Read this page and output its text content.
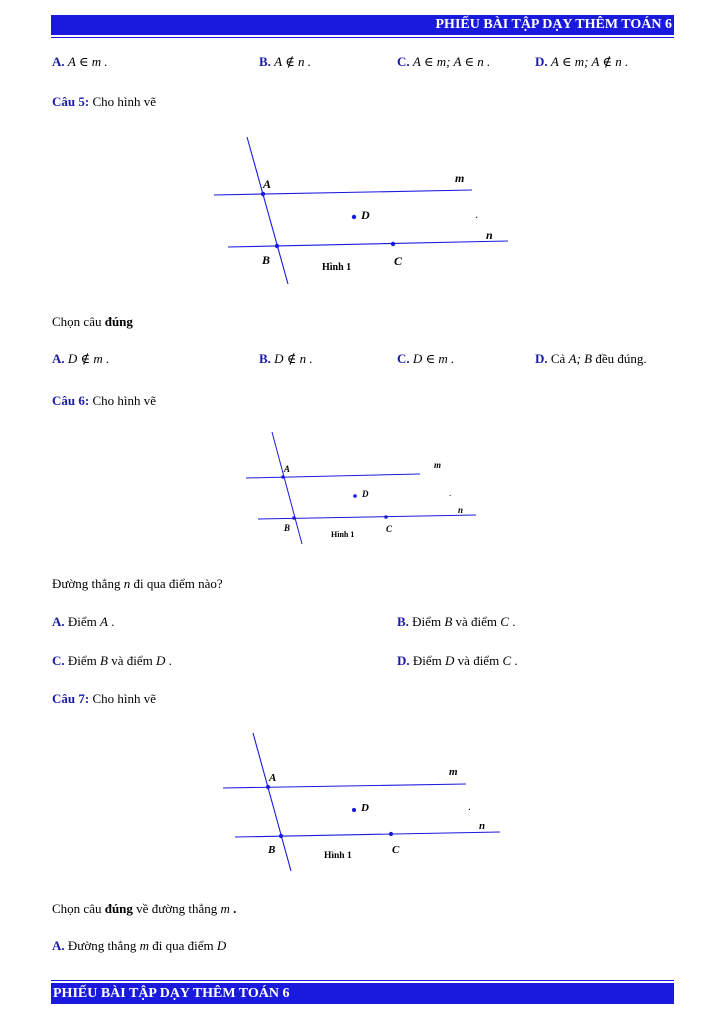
PHIẾU BÀI TẬP DẠY THÊM TOÁN 6
A. A ∈ m .	B. A ∉ n .	C. A ∈ m; A ∈ n .	D. A ∈ m; A ∉ n .
Câu 5: Cho hình vẽ
A
B	C
D
m
n
Hình 1
.
Chọn câu đúng
A. D ∉ m .	B. D ∉ n .	C. D ∈ m .	D. Cả A; B đều đúng.
Câu 6: Cho hình vẽ
A
B	C
D
m
n
Hình 1
.
Đường thẳng n đi qua điểm nào?
A. Điểm A .	B. Điểm B và điểm C .
C. Điểm B và điểm D .	D. Điểm D và điểm C .
Câu 7: Cho hình vẽ
A
B	C
D
m
n
Hình 1
.
Chọn câu đúng về đường thẳng m .
A. Đường thẳng m đi qua điểm D
PHIẾU BÀI TẬP DẠY THÊM TOÁN 6
